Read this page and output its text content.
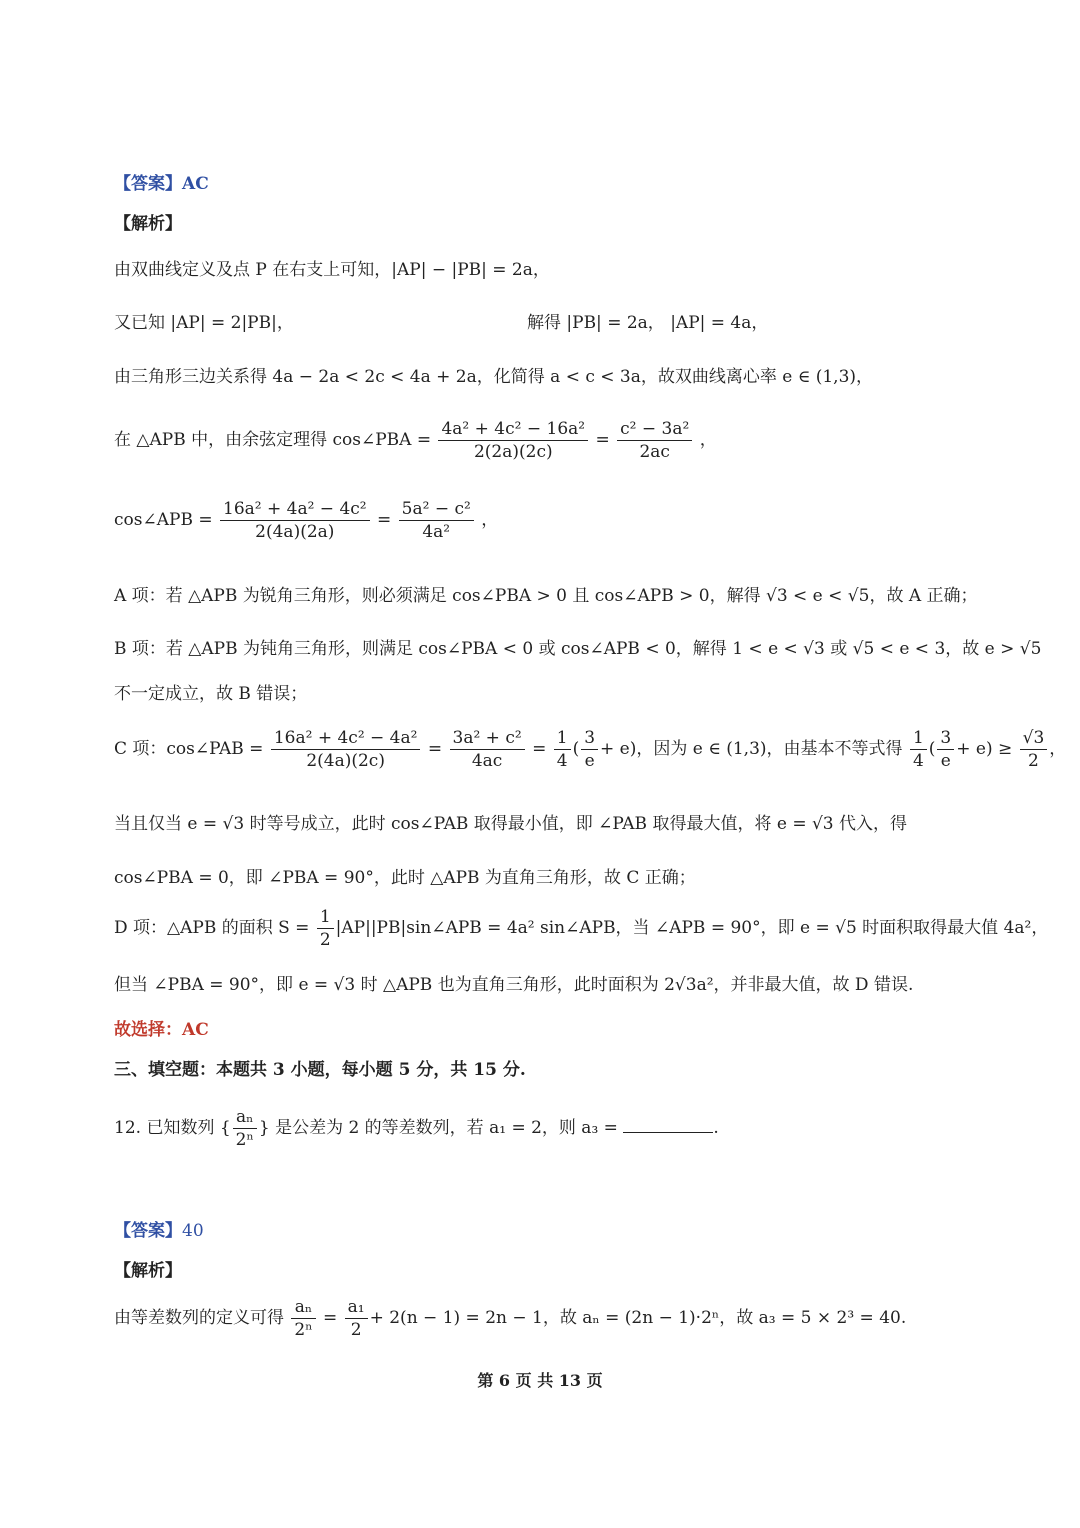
【答案】AC
【解析】
由双曲线定义及点 P 在右支上可知，|AP| − |PB| = 2a，
又已知 |AP| = 2|PB|，	解得 |PB| = 2a， |AP| = 4a，
由三角形三边关系得 4a − 2a < 2c < 4a + 2a，化简得 a < c < 3a，故双曲线离心率 e ∈ (1,3)，
在 △APB 中，由余弦定理得 cos∠PBA = $\frac{\text{4a² + 4c² − 16a²}}{2(2a)(2c)} = \frac{\text{c² − 3a²}}{2ac}$ ，
cos∠APB = $\frac{\text{16a² + 4a² − 4c²}}{2(4a)(2a)} = \frac{\text{5a² − c²}}{\text{4a²}}$ ，
A 项：若 △APB 为锐角三角形，则必须满足 cos∠PBA > 0 且 cos∠APB > 0，解得 √3 < e < √5，故 A 正确；
B 项：若 △APB 为钝角三角形，则满足 cos∠PBA < 0 或 cos∠APB < 0，解得 1 < e < √3 或 √5 < e < 3，故 e > √5
不一定成立，故 B 错误；
C 项：cos∠PAB = $\frac{\text{16a² + 4c² − 4a²}}{2(4a)(2c)} = \frac{\text{3a² + c²}}{4ac} = \frac{1}{4}$ ( $\frac{3}{e} + e$)，因为 e ∈ (1,3)，由基本不等式得 $\frac{1}{4}$ ( $\frac{3}{e} + e) \ge \frac{√3}{2}$ ，
当且仅当 e = √3 时等号成立，此时 cos∠PAB 取得最小值，即 ∠PAB 取得最大值，将 e = √3 代入，得
cos∠PBA = 0，即 ∠PBA = 90°，此时 △APB 为直角三角形，故 C 正确；
D 项：△APB 的面积 $S = \frac{1}{2}$ |AP||PB|sin∠APB = 4a² sin∠APB，当 ∠APB = 90°，即 e = √5 时面积取得最大值 4a²，
但当 ∠PBA = 90°，即 e = √3 时 △APB 也为直角三角形，此时面积为 2√3a²，并非最大值，故 D 错误.
故选择：AC
三、填空题：本题共 3 小题，每小题 5 分，共 15 分.
12. 已知数列 { $\frac{\text{aₙ}}{\text{2ⁿ}}$ } 是公差为 2 的等差数列，若 a₁ = 2，则 a₃ =	.
【答案】40
【解析】
由等差数列的定义可得 $\frac{\text{aₙ}}{\text{2ⁿ}} = \frac{\text{a₁}}{2} + 2(n - 1) = 2n - 1$，故 aₙ = (2n − 1)·2ⁿ，故 a₃ = 5 × 2³ = 40.
第 6 页 共 13 页
